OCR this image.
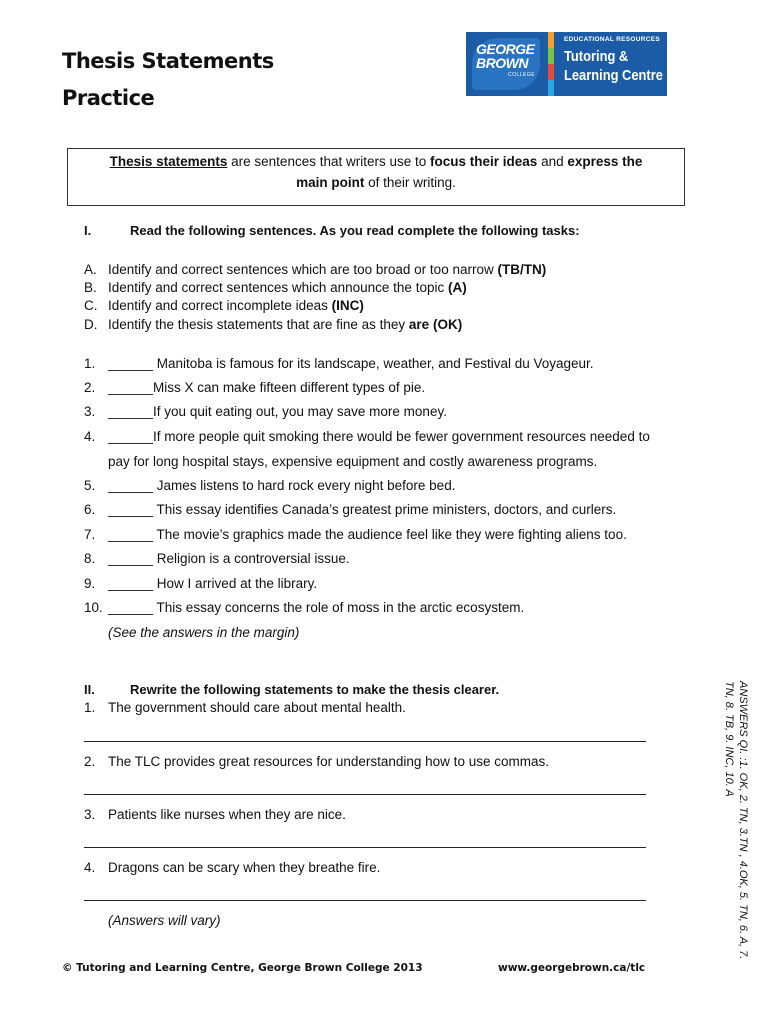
Thesis Statements
Practice
GEORGE
BROWN
COLLEGE
EDUCATIONAL RESOURCES
Tutoring &
Learning Centre
Thesis statements are sentences that writers use to focus their ideas and express the
main point of their writing.
I.	Read the following sentences. As you read complete the following tasks:
A. Identify and correct sentences which are too broad or too narrow (TB/TN)
B. Identify and correct sentences which announce the topic (A)
C. Identify and correct incomplete ideas (INC)
D. Identify the thesis statements that are fine as they are (OK)
1. ______ Manitoba is famous for its landscape, weather, and Festival du Voyageur.
2. ______Miss X can make fifteen different types of pie.
3. ______If you quit eating out, you may save more money.
4. ______If more people quit smoking there would be fewer government resources needed to
pay for long hospital stays, expensive equipment and costly awareness programs.
5. ______ James listens to hard rock every night before bed.
6. ______ This essay identifies Canada’s greatest prime ministers, doctors, and curlers.
7. ______ The movie’s graphics made the audience feel like they were fighting aliens too.
8. ______ Religion is a controversial issue.
9. ______ How I arrived at the library.
10. ______ This essay concerns the role of moss in the arctic ecosystem.
(See the answers in the margin)
II.	Rewrite the following statements to make the thesis clearer.
1. The government should care about mental health.
2. The TLC provides great resources for understanding how to use commas.
3. Patients like nurses when they are nice.
4. Dragons can be scary when they breathe fire.
(Answers will vary)	ANSWERS QI. :1. OK, 2. TN, 3.TN , 4.OK, 5. TN, 6. A, 7.
TN, 8. TB, 9. INC, 10. A
© Tutoring and Learning Centre, George Brown College 2013	www.georgebrown.ca/tlc
